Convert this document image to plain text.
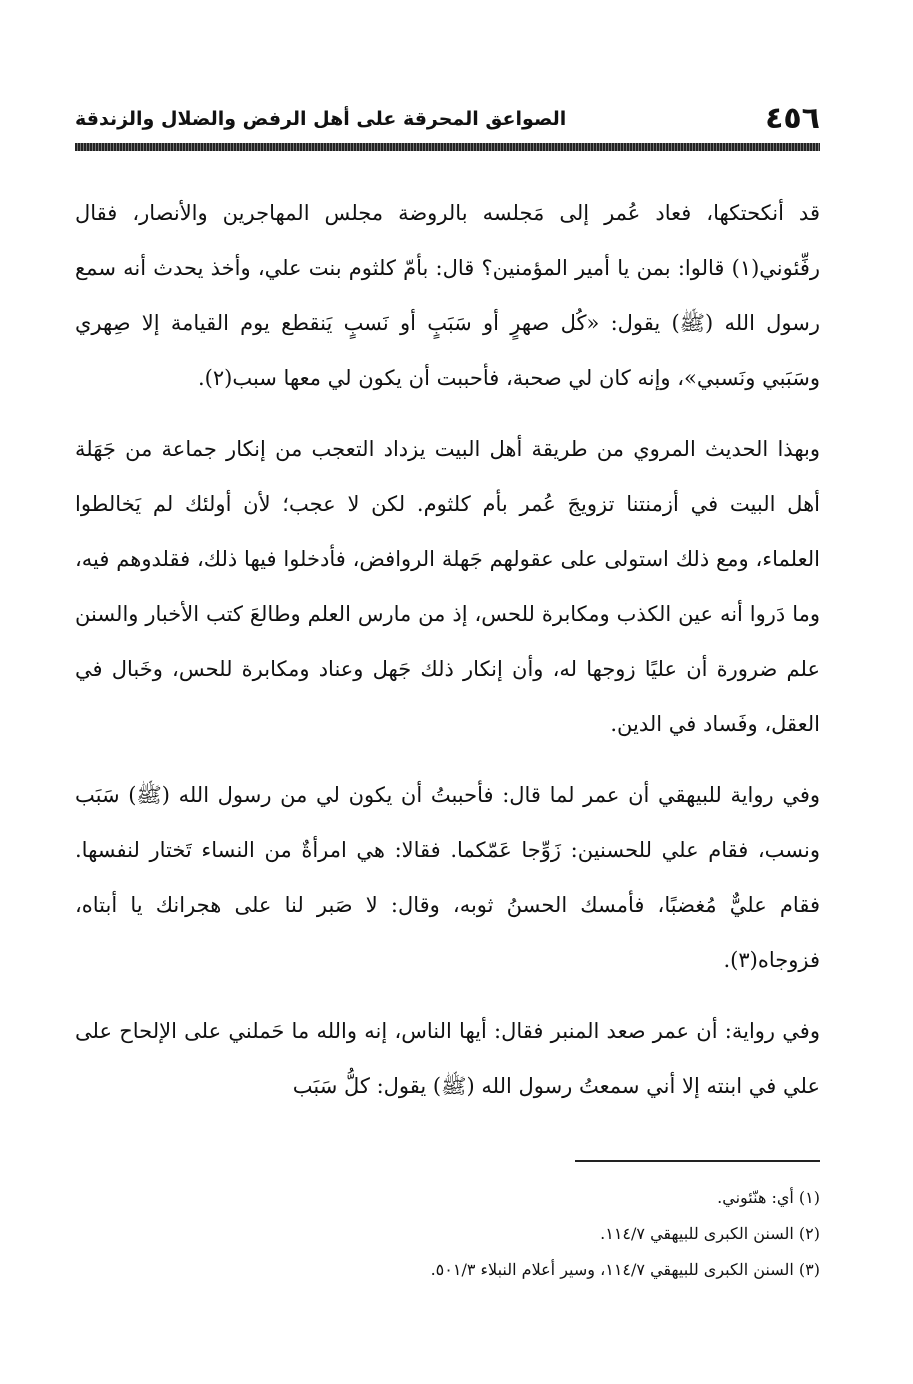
٤٥٦
الصواعق المحرقة على أهل الرفض والضلال والزندقة

قد أنكحتكها، فعاد عُمر إلى مَجلسه بالروضة مجلس المهاجرين والأنصار، فقال رفِّئوني(١) قالوا: بمن يا أمير المؤمنين؟ قال: بأمّ كلثوم بنت علي، وأخذ يحدث أنه سمع رسول الله (ﷺ) يقول: «كُل صهرٍ أو سَبَبٍ أو نَسبٍ يَنقطع يوم القيامة إلا صِهري وسَبَبي ونَسبي»، وإنه كان لي صحبة، فأحببت أن يكون لي معها سبب(٢).

وبهذا الحديث المروي من طريقة أهل البيت يزداد التعجب من إنكار جماعة من جَهَلة أهل البيت في أزمنتنا تزويجَ عُمر بأم كلثوم. لكن لا عجب؛ لأن أولئك لم يَخالطوا العلماء، ومع ذلك استولى على عقولهم جَهلة الروافض، فأدخلوا فيها ذلك، فقلدوهم فيه، وما دَروا أنه عين الكذب ومكابرة للحس، إذ من مارس العلم وطالعَ كتب الأخبار والسنن علم ضرورة أن عليًا زوجها له، وأن إنكار ذلك جَهل وعناد ومكابرة للحس، وخَبال في العقل، وفَساد في الدين.

وفي رواية للبيهقي أن عمر لما قال: فأحببتُ أن يكون لي من رسول الله (ﷺ) سَبَب ونسب، فقام علي للحسنين: زَوِّجا عَمّكما. فقالا: هي امرأةٌ من النساء تَختار لنفسها. فقام عليٌّ مُغضبًا، فأمسك الحسنُ ثوبه، وقال: لا صَبر لنا على هجرانك يا أبتاه، فزوجاه(٣).

وفي رواية: أن عمر صعد المنبر فقال: أيها الناس، إنه والله ما حَملني على الإلحاح على علي في ابنته إلا أني سمعتُ رسول الله (ﷺ) يقول: كلُّ سَبَب

(١) أي: هنّئوني.

(٢) السنن الكبرى للبيهقي ١١٤/٧.

(٣) السنن الكبرى للبيهقي ١١٤/٧، وسير أعلام النبلاء ٥٠١/٣.
